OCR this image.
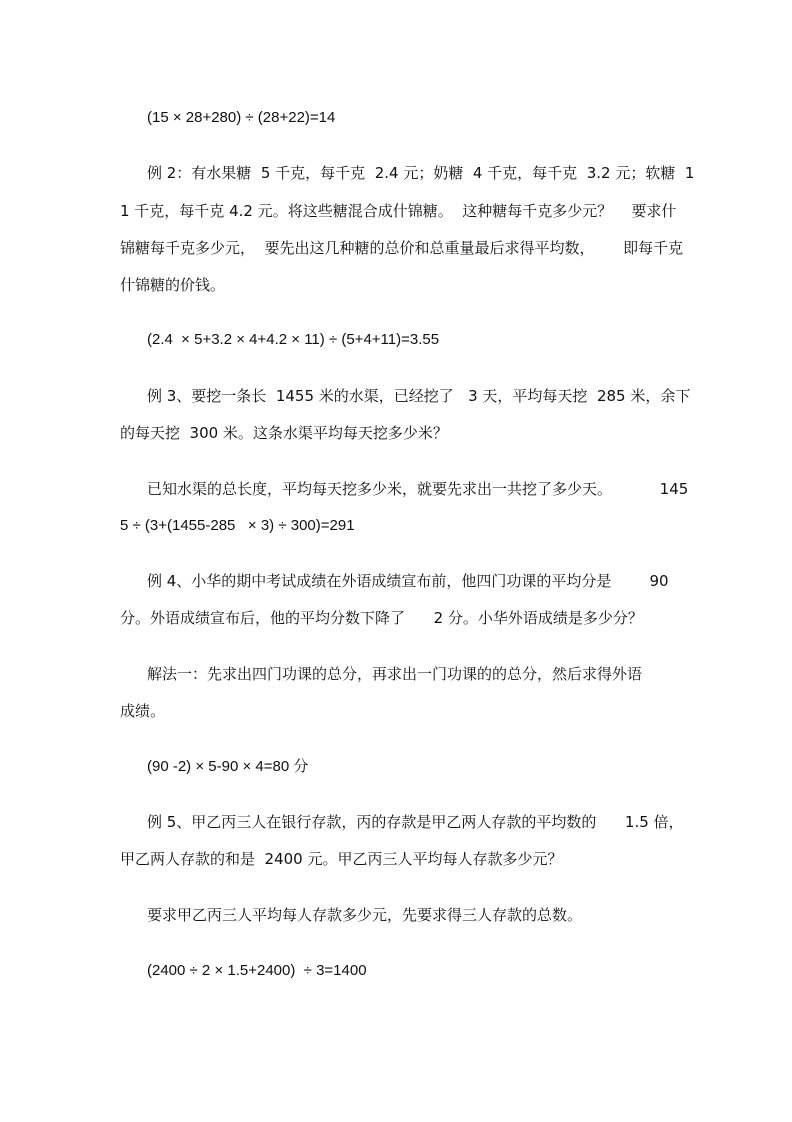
(15 × 28+280) ÷ (28+22)=14
例 2：有水果糖  5 千克，每千克  2.4 元；奶糖  4 千克，每千克  3.2 元；软糖  1
1 千克，每千克 4.2 元。将这些糖混合成什锦糖。  这种糖每千克多少元？    要求什
锦糖每千克多少元，  要先出这几种糖的总价和总重量最后求得平均数，      即每千克
什锦糖的价钱。
(2.4  × 5+3.2 × 4+4.2 × 11) ÷ (5+4+11)=3.55
例 3、要挖一条长  1455 米的水渠，已经挖了   3 天，平均每天挖  285 米，余下
的每天挖  300 米。这条水渠平均每天挖多少米？
已知水渠的总长度，平均每天挖多少米，就要先求出一共挖了多少天。          145
5 ÷ (3+(1455-285   × 3) ÷ 300)=291
例 4、小华的期中考试成绩在外语成绩宣布前，他四门功课的平均分是        90
分。外语成绩宣布后，他的平均分数下降了      2 分。小华外语成绩是多少分？
解法一：先求出四门功课的总分，再求出一门功课的的总分，然后求得外语
成绩。
(90 -2) × 5-90 × 4=80 分
例 5、甲乙丙三人在银行存款，丙的存款是甲乙两人存款的平均数的      1.5 倍，
甲乙两人存款的和是  2400 元。甲乙丙三人平均每人存款多少元？
要求甲乙丙三人平均每人存款多少元，先要求得三人存款的总数。
(2400 ÷ 2 × 1.5+2400)  ÷ 3=1400
